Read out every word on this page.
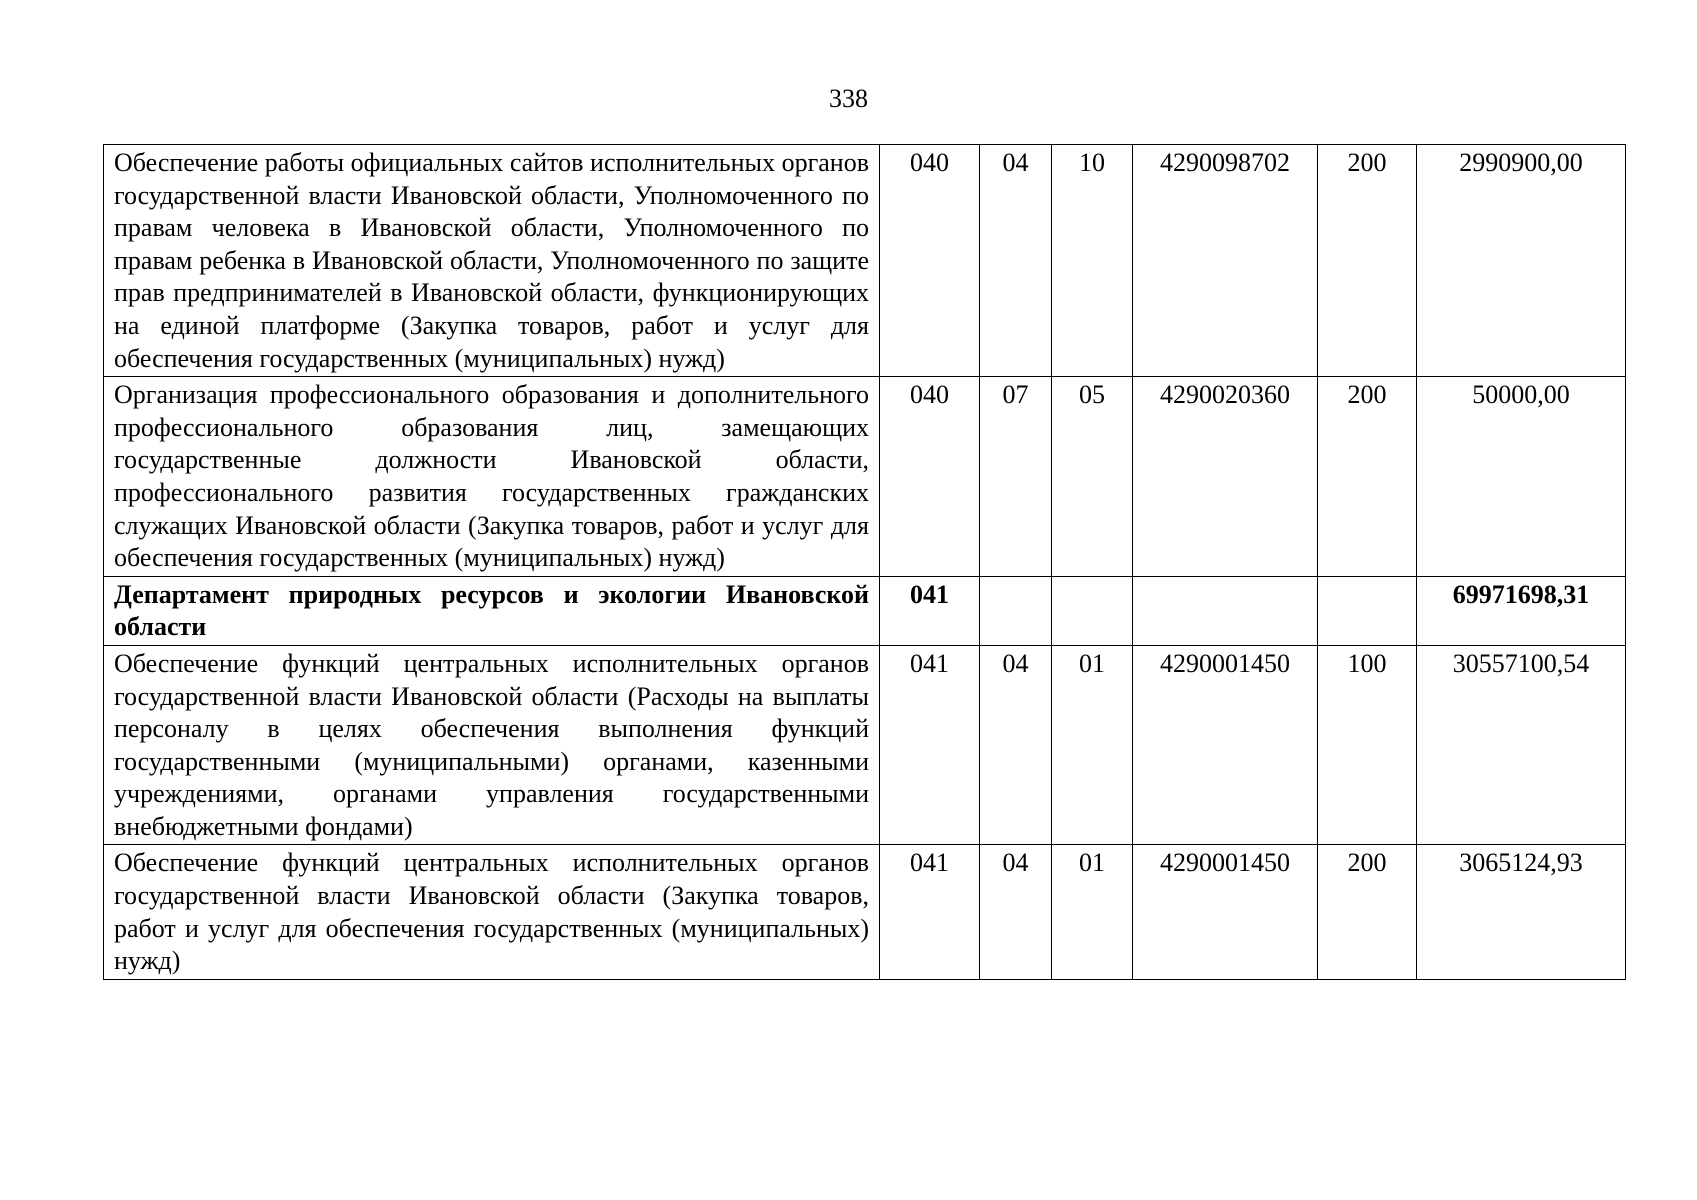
338
Обеспечение работы официальных сайтов исполнительных органов государственной власти Ивановской области, Уполномоченного по правам человека в Ивановской области, Уполномоченного по правам ребенка в Ивановской области, Уполномоченного по защите прав предпринимателей в Ивановской области, функционирующих на единой платформе (Закупка товаров, работ и услуг для обеспечения государственных (муниципальных) нужд)	040	04	10	4290098702	200	2990900,00
Организация профессионального образования и дополнительного профессионального образования лиц, замещающих государственные должности Ивановской области, профессионального развития государственных гражданских служащих Ивановской области (Закупка товаров, работ и услуг для обеспечения государственных (муниципальных) нужд)	040	07	05	4290020360	200	50000,00
Департамент природных ресурсов и экологии Ивановской области	041					69971698,31
Обеспечение функций центральных исполнительных органов государственной власти Ивановской области (Расходы на выплаты персоналу в целях обеспечения выполнения функций государственными (муниципальными) органами, казенными учреждениями, органами управления государственными внебюджетными фондами)	041	04	01	4290001450	100	30557100,54
Обеспечение функций центральных исполнительных органов государственной власти Ивановской области (Закупка товаров, работ и услуг для обеспечения государственных (муниципальных) нужд)	041	04	01	4290001450	200	3065124,93
